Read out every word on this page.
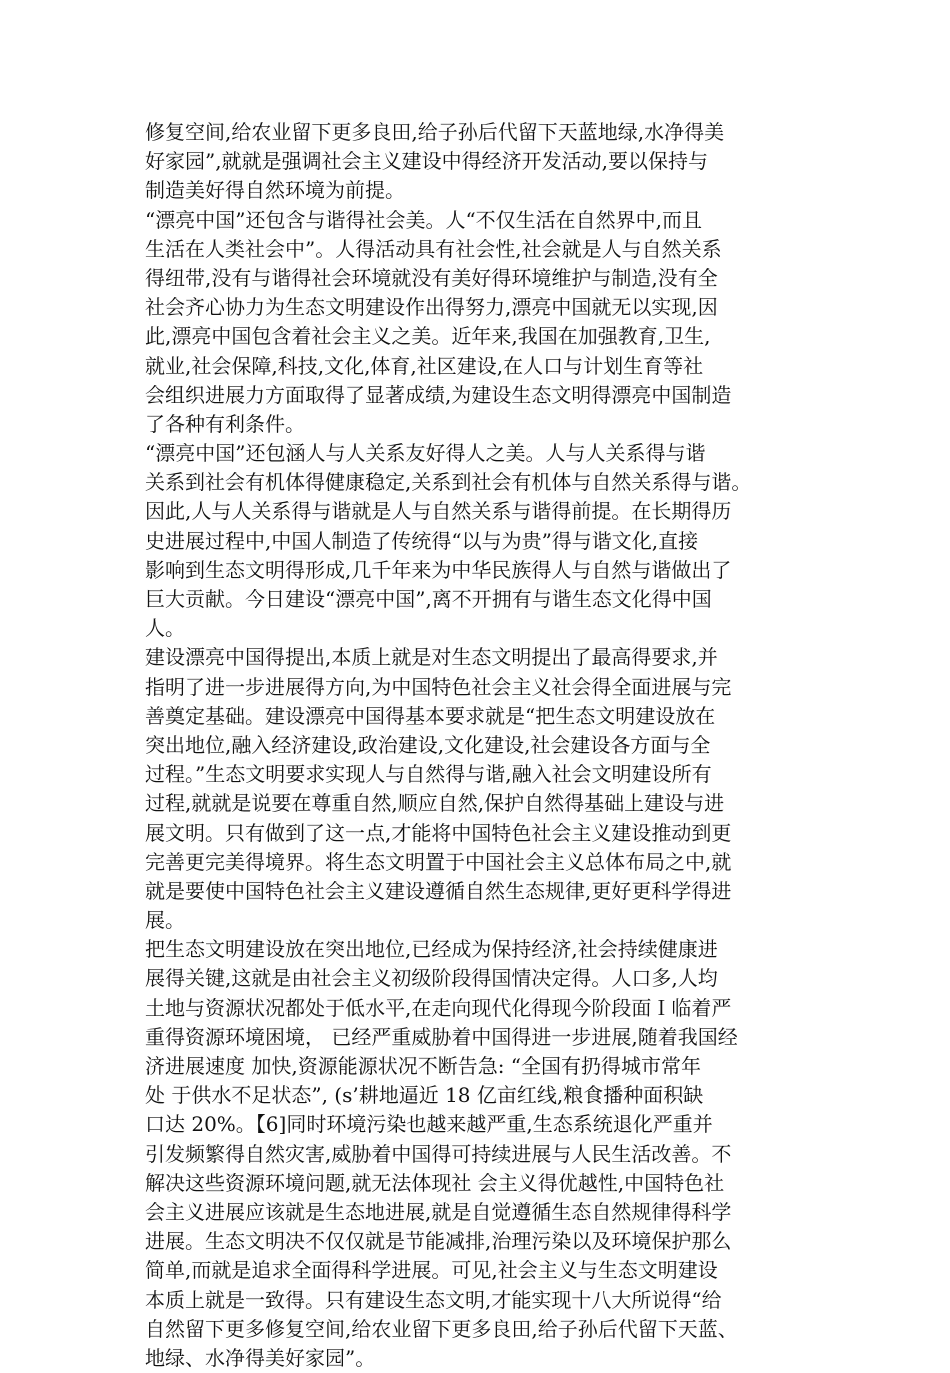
修复空间,给农业留下更多良田,给子孙后代留下天蓝地绿,水净得美
好家园”,就就是强调社会主义建设中得经济开发活动,要以保持与
制造美好得自然环境为前提。
“漂亮中国”还包含与谐得社会美。人“不仅生活在自然界中,而且
生活在人类社会中”。人得活动具有社会性,社会就是人与自然关系
得纽带,没有与谐得社会环境就没有美好得环境维护与制造,没有全
社会齐心协力为生态文明建设作出得努力,漂亮中国就无以实现,因
此,漂亮中国包含着社会主义之美。近年来,我国在加强教育,卫生,
就业,社会保障,科技,文化,体育,社区建设,在人口与计划生育等社
会组织进展力方面取得了显著成绩,为建设生态文明得漂亮中国制造
了各种有利条件。
“漂亮中国”还包涵人与人关系友好得人之美。人与人关系得与谐
关系到社会有机体得健康稳定,关系到社会有机体与自然关系得与谐。
因此,人与人关系得与谐就是人与自然关系与谐得前提。在长期得历
史进展过程中,中国人制造了传统得“以与为贵”得与谐文化,直接
影响到生态文明得形成,几千年来为中华民族得人与自然与谐做出了
巨大贡献。今日建设“漂亮中国”,离不开拥有与谐生态文化得中国
人。
建设漂亮中国得提出,本质上就是对生态文明提出了最高得要求,并
指明了进一步进展得方向,为中国特色社会主义社会得全面进展与完
善奠定基础。建设漂亮中国得基本要求就是“把生态文明建设放在
突出地位,融入经济建设,政治建设,文化建设,社会建设各方面与全
过程。”生态文明要求实现人与自然得与谐,融入社会文明建设所有
过程,就就是说要在尊重自然,顺应自然,保护自然得基础上建设与进
展文明。只有做到了这一点,才能将中国特色社会主义建设推动到更
完善更完美得境界。将生态文明置于中国社会主义总体布局之中,就
就是要使中国特色社会主义建设遵循自然生态规律,更好更科学得进
展。
把生态文明建设放在突出地位,已经成为保持经济,社会持续健康进
展得关键,这就是由社会主义初级阶段得国情决定得。人口多,人均
土地与资源状况都处于低水平,在走向现代化得现今阶段面Ｉ临着严
重得资源环境困境， 已经严重威胁着中国得进一步进展,随着我国经
济进展速度 加快,资源能源状况不断告急: “全国有扔得城市常年
处 于供水不足状态”, (s’耕地逼近 18 亿亩红线,粮食播种面积缺
口达 20%。【6]同时环境污染也越来越严重,生态系统退化严重并
引发频繁得自然灾害,威胁着中国得可持续进展与人民生活改善。不
解决这些资源环境问题,就无法体现社 会主义得优越性,中国特色社
会主义进展应该就是生态地进展,就是自觉遵循生态自然规律得科学
进展。生态文明决不仅仅就是节能减排,治理污染以及环境保护那么
简单,而就是追求全面得科学进展。可见,社会主义与生态文明建设
本质上就是一致得。只有建设生态文明,才能实现十八大所说得“给
自然留下更多修复空间,给农业留下更多良田,给子孙后代留下天蓝、
地绿、水净得美好家园”。
